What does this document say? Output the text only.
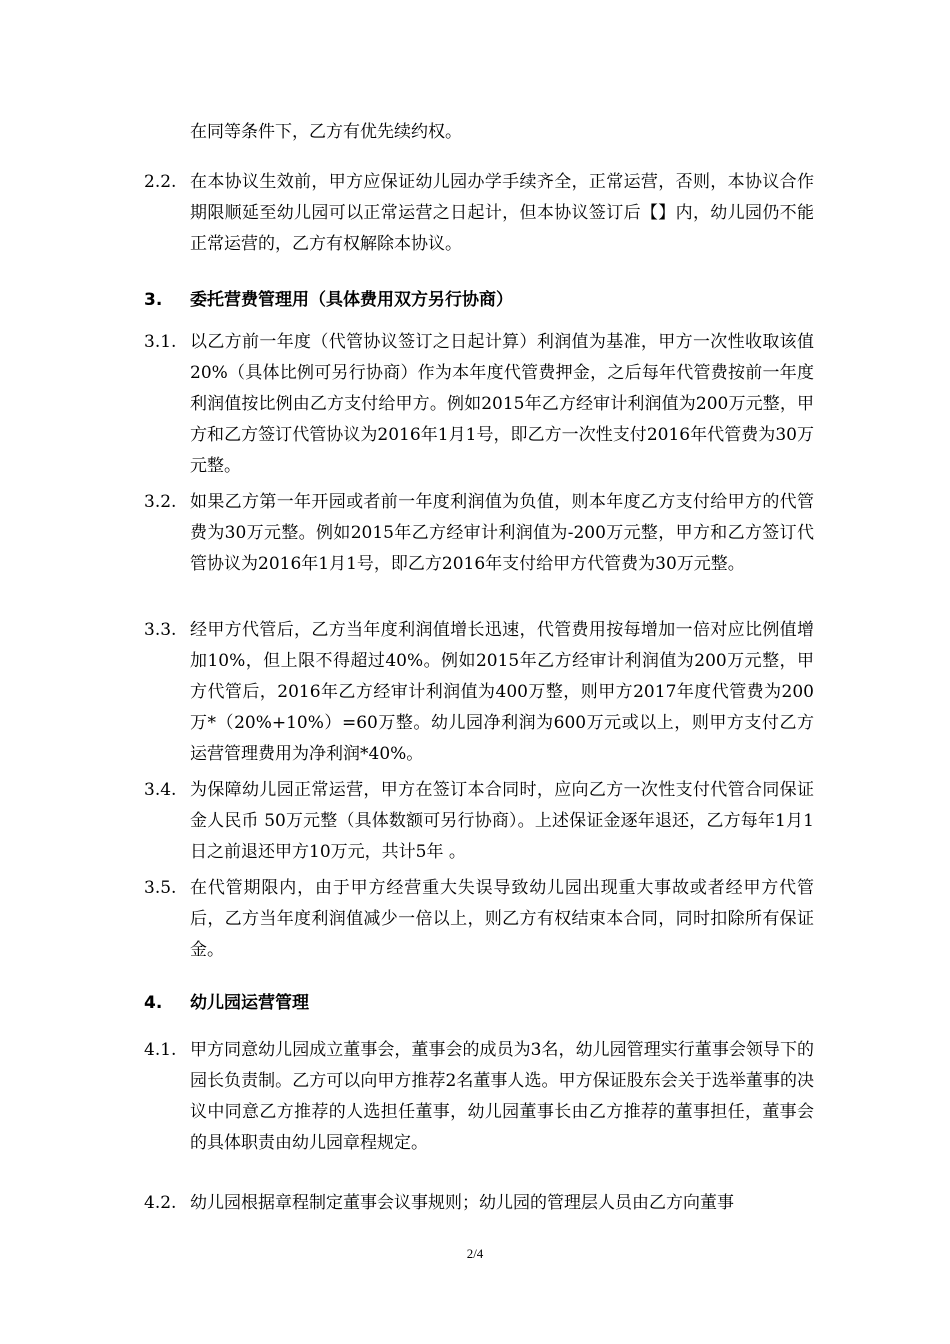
在同等条件下，乙方有优先续约权。
2.2. 在本协议生效前，甲方应保证幼儿园办学手续齐全，正常运营，否则，本协议合作期限顺延至幼儿园可以正常运营之日起计，但本协议签订后【】内，幼儿园仍不能正常运营的，乙方有权解除本协议。
3. 委托营费管理用（具体费用双方另行协商）
3.1. 以乙方前一年度（代管协议签订之日起计算）利润值为基准，甲方一次性收取该值20%（具体比例可另行协商）作为本年度代管费押金，之后每年代管费按前一年度利润值按比例由乙方支付给甲方。例如2015年乙方经审计利润值为200万元整，甲方和乙方签订代管协议为2016年1月1号，即乙方一次性支付2016年代管费为30万元整。
3.2. 如果乙方第一年开园或者前一年度利润值为负值，则本年度乙方支付给甲方的代管费为30万元整。例如2015年乙方经审计利润值为-200万元整，甲方和乙方签订代管协议为2016年1月1号，即乙方2016年支付给甲方代管费为30万元整。
3.3. 经甲方代管后，乙方当年度利润值增长迅速，代管费用按每增加一倍对应比例值增加10%，但上限不得超过40%。例如2015年乙方经审计利润值为200万元整，甲方代管后，2016年乙方经审计利润值为400万整，则甲方2017年度代管费为200万*（20%+10%）=60万整。幼儿园净利润为600万元或以上，则甲方支付乙方运营管理费用为净利润*40%。
3.4. 为保障幼儿园正常运营，甲方在签订本合同时，应向乙方一次性支付代管合同保证金人民币 50万元整（具体数额可另行协商）。上述保证金逐年退还，乙方每年1月1日之前退还甲方10万元，共计5年 。
3.5. 在代管期限内，由于甲方经营重大失误导致幼儿园出现重大事故或者经甲方代管后，乙方当年度利润值减少一倍以上，则乙方有权结束本合同，同时扣除所有保证金。
4. 幼儿园运营管理
4.1. 甲方同意幼儿园成立董事会，董事会的成员为3名，幼儿园管理实行董事会领导下的园长负责制。乙方可以向甲方推荐2名董事人选。甲方保证股东会关于选举董事的决议中同意乙方推荐的人选担任董事，幼儿园董事长由乙方推荐的董事担任，董事会的具体职责由幼儿园章程规定。
4.2. 幼儿园根据章程制定董事会议事规则；幼儿园的管理层人员由乙方向董事
2/4
